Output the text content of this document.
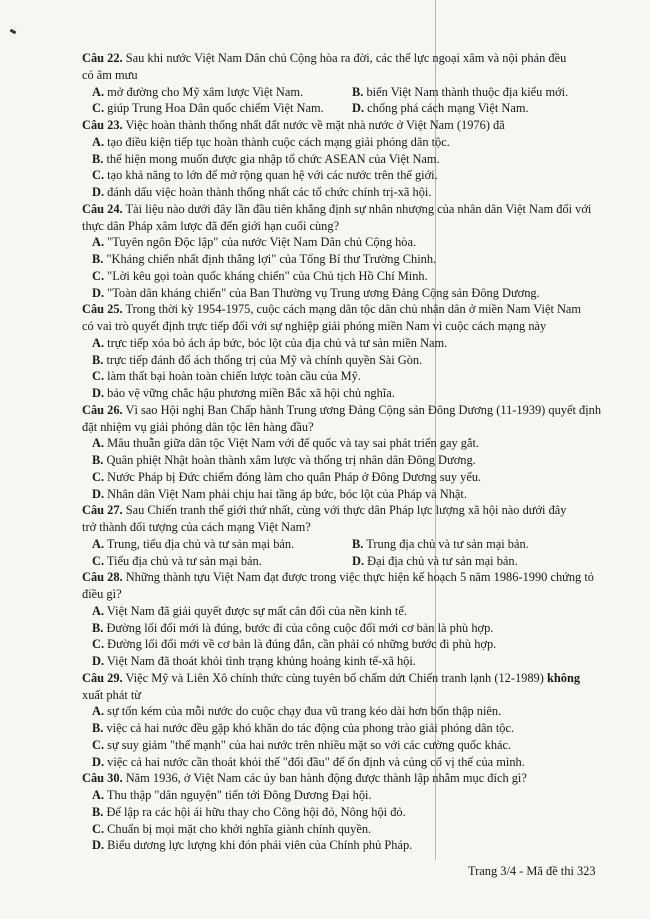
Câu 22. Sau khi nước Việt Nam Dân chủ Cộng hòa ra đời, các thế lực ngoại xâm và nội phản đều
có âm mưu
A. mở đường cho Mỹ xâm lược Việt Nam.	B. biến Việt Nam thành thuộc địa kiểu mới.
C. giúp Trung Hoa Dân quốc chiếm Việt Nam.	D. chống phá cách mạng Việt Nam.
Câu 23. Việc hoàn thành thống nhất đất nước về mặt nhà nước ở Việt Nam (1976) đã
A. tạo điều kiện tiếp tục hoàn thành cuộc cách mạng giải phóng dân tộc.
B. thể hiện mong muốn được gia nhập tổ chức ASEAN của Việt Nam.
C. tạo khả năng to lớn để mở rộng quan hệ với các nước trên thế giới.
D. đánh dấu việc hoàn thành thống nhất các tổ chức chính trị-xã hội.
Câu 24. Tài liệu nào dưới đây lần đầu tiên khẳng định sự nhân nhượng của nhân dân Việt Nam đối với
thực dân Pháp xâm lược đã đến giới hạn cuối cùng?
A. "Tuyên ngôn Độc lập" của nước Việt Nam Dân chủ Cộng hòa.
B. "Kháng chiến nhất định thắng lợi" của Tổng Bí thư Trường Chinh.
C. "Lời kêu gọi toàn quốc kháng chiến" của Chủ tịch Hồ Chí Minh.
D. "Toàn dân kháng chiến" của Ban Thường vụ Trung ương Đảng Cộng sản Đông Dương.
Câu 25. Trong thời kỳ 1954-1975, cuộc cách mạng dân tộc dân chủ nhân dân ở miền Nam Việt Nam
có vai trò quyết định trực tiếp đối với sự nghiệp giải phóng miền Nam vì cuộc cách mạng này
A. trực tiếp xóa bỏ ách áp bức, bóc lột của địa chủ và tư sản miền Nam.
B. trực tiếp đánh đổ ách thống trị của Mỹ và chính quyền Sài Gòn.
C. làm thất bại hoàn toàn chiến lược toàn cầu của Mỹ.
D. bảo vệ vững chắc hậu phương miền Bắc xã hội chủ nghĩa.
Câu 26. Vì sao Hội nghị Ban Chấp hành Trung ương Đảng Cộng sản Đông Dương (11-1939) quyết định
đặt nhiệm vụ giải phóng dân tộc lên hàng đầu?
A. Mâu thuẫn giữa dân tộc Việt Nam với đế quốc và tay sai phát triển gay gắt.
B. Quân phiệt Nhật hoàn thành xâm lược và thống trị nhân dân Đông Dương.
C. Nước Pháp bị Đức chiếm đóng làm cho quân Pháp ở Đông Dương suy yếu.
D. Nhân dân Việt Nam phải chịu hai tầng áp bức, bóc lột của Pháp và Nhật.
Câu 27. Sau Chiến tranh thế giới thứ nhất, cùng với thực dân Pháp lực lượng xã hội nào dưới đây
trở thành đối tượng của cách mạng Việt Nam?
A. Trung, tiểu địa chủ và tư sản mại bản.	B. Trung địa chủ và tư sản mại bản.
C. Tiểu địa chủ và tư sản mại bản.	D. Đại địa chủ và tư sản mại bản.
Câu 28. Những thành tựu Việt Nam đạt được trong việc thực hiện kế hoạch 5 năm 1986-1990 chứng tỏ
điều gì?
A. Việt Nam đã giải quyết được sự mất cân đối của nền kinh tế.
B. Đường lối đổi mới là đúng, bước đi của công cuộc đổi mới cơ bản là phù hợp.
C. Đường lối đổi mới về cơ bản là đúng đắn, cần phải có những bước đi phù hợp.
D. Việt Nam đã thoát khỏi tình trạng khủng hoảng kinh tế-xã hội.
Câu 29. Việc Mỹ và Liên Xô chính thức cùng tuyên bố chấm dứt Chiến tranh lạnh (12-1989) không
xuất phát từ
A. sự tốn kém của mỗi nước do cuộc chạy đua vũ trang kéo dài hơn bốn thập niên.
B. việc cả hai nước đều gặp khó khăn do tác động của phong trào giải phóng dân tộc.
C. sự suy giảm "thế mạnh" của hai nước trên nhiều mặt so với các cường quốc khác.
D. việc cả hai nước cần thoát khỏi thế "đối đầu" để ổn định và củng cố vị thế của mình.
Câu 30. Năm 1936, ở Việt Nam các ủy ban hành động được thành lập nhằm mục đích gì?
A. Thu thập "dân nguyện" tiến tới Đông Dương Đại hội.
B. Để lập ra các hội ái hữu thay cho Công hội đỏ, Nông hội đỏ.
C. Chuẩn bị mọi mặt cho khởi nghĩa giành chính quyền.
D. Biểu dương lực lượng khi đón phái viên của Chính phủ Pháp.
Trang 3/4 - Mã đề thi 323
